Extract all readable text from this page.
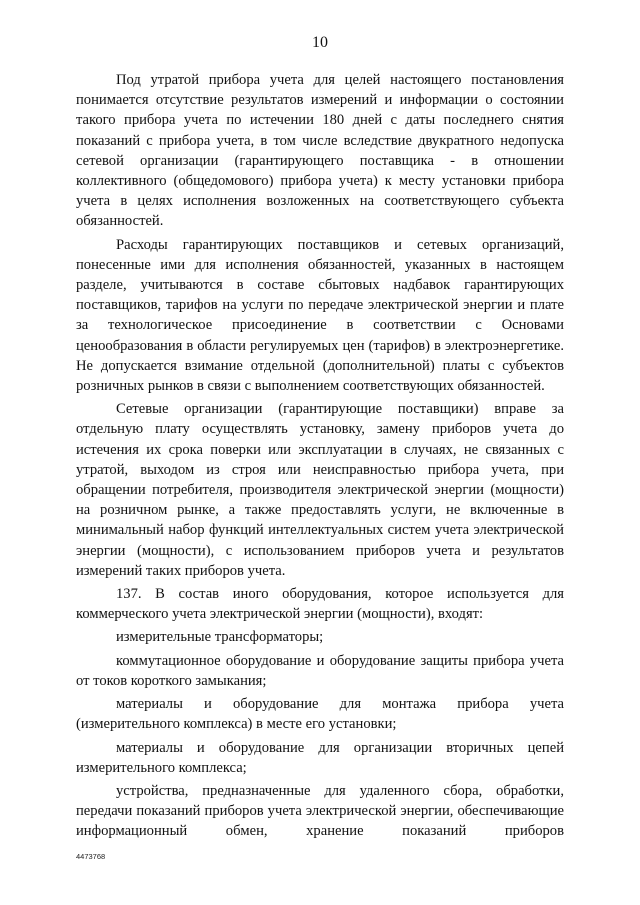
10

Под утратой прибора учета для целей настоящего постановления понимается отсутствие результатов измерений и информации о состоянии такого прибора учета по истечении 180 дней с даты последнего снятия показаний с прибора учета, в том числе вследствие двукратного недопуска сетевой организации (гарантирующего поставщика - в отношении коллективного (общедомового) прибора учета) к месту установки прибора учета в целях исполнения возложенных на соответствующего субъекта обязанностей.

Расходы гарантирующих поставщиков и сетевых организаций, понесенные ими для исполнения обязанностей, указанных в настоящем разделе, учитываются в составе сбытовых надбавок гарантирующих поставщиков, тарифов на услуги по передаче электрической энергии и плате за технологическое присоединение в соответствии с Основами ценообразования в области регулируемых цен (тарифов) в электроэнергетике. Не допускается взимание отдельной (дополнительной) платы с субъектов розничных рынков в связи с выполнением соответствующих обязанностей.

Сетевые организации (гарантирующие поставщики) вправе за отдельную плату осуществлять установку, замену приборов учета до истечения их срока поверки или эксплуатации в случаях, не связанных с утратой, выходом из строя или неисправностью прибора учета, при обращении потребителя, производителя электрической энергии (мощности) на розничном рынке, а также предоставлять услуги, не включенные в минимальный набор функций интеллектуальных систем учета электрической энергии (мощности), с использованием приборов учета и результатов измерений таких приборов учета.

137. В состав иного оборудования, которое используется для коммерческого учета электрической энергии (мощности), входят:

измерительные трансформаторы;

коммутационное оборудование и оборудование защиты прибора учета от токов короткого замыкания;

материалы и оборудование для монтажа прибора учета (измерительного комплекса) в месте его установки;

материалы и оборудование для организации вторичных цепей измерительного комплекса;

устройства, предназначенные для удаленного сбора, обработки, передачи показаний приборов учета электрической энергии, обеспечивающие информационный обмен, хранение показаний приборов

4473768
